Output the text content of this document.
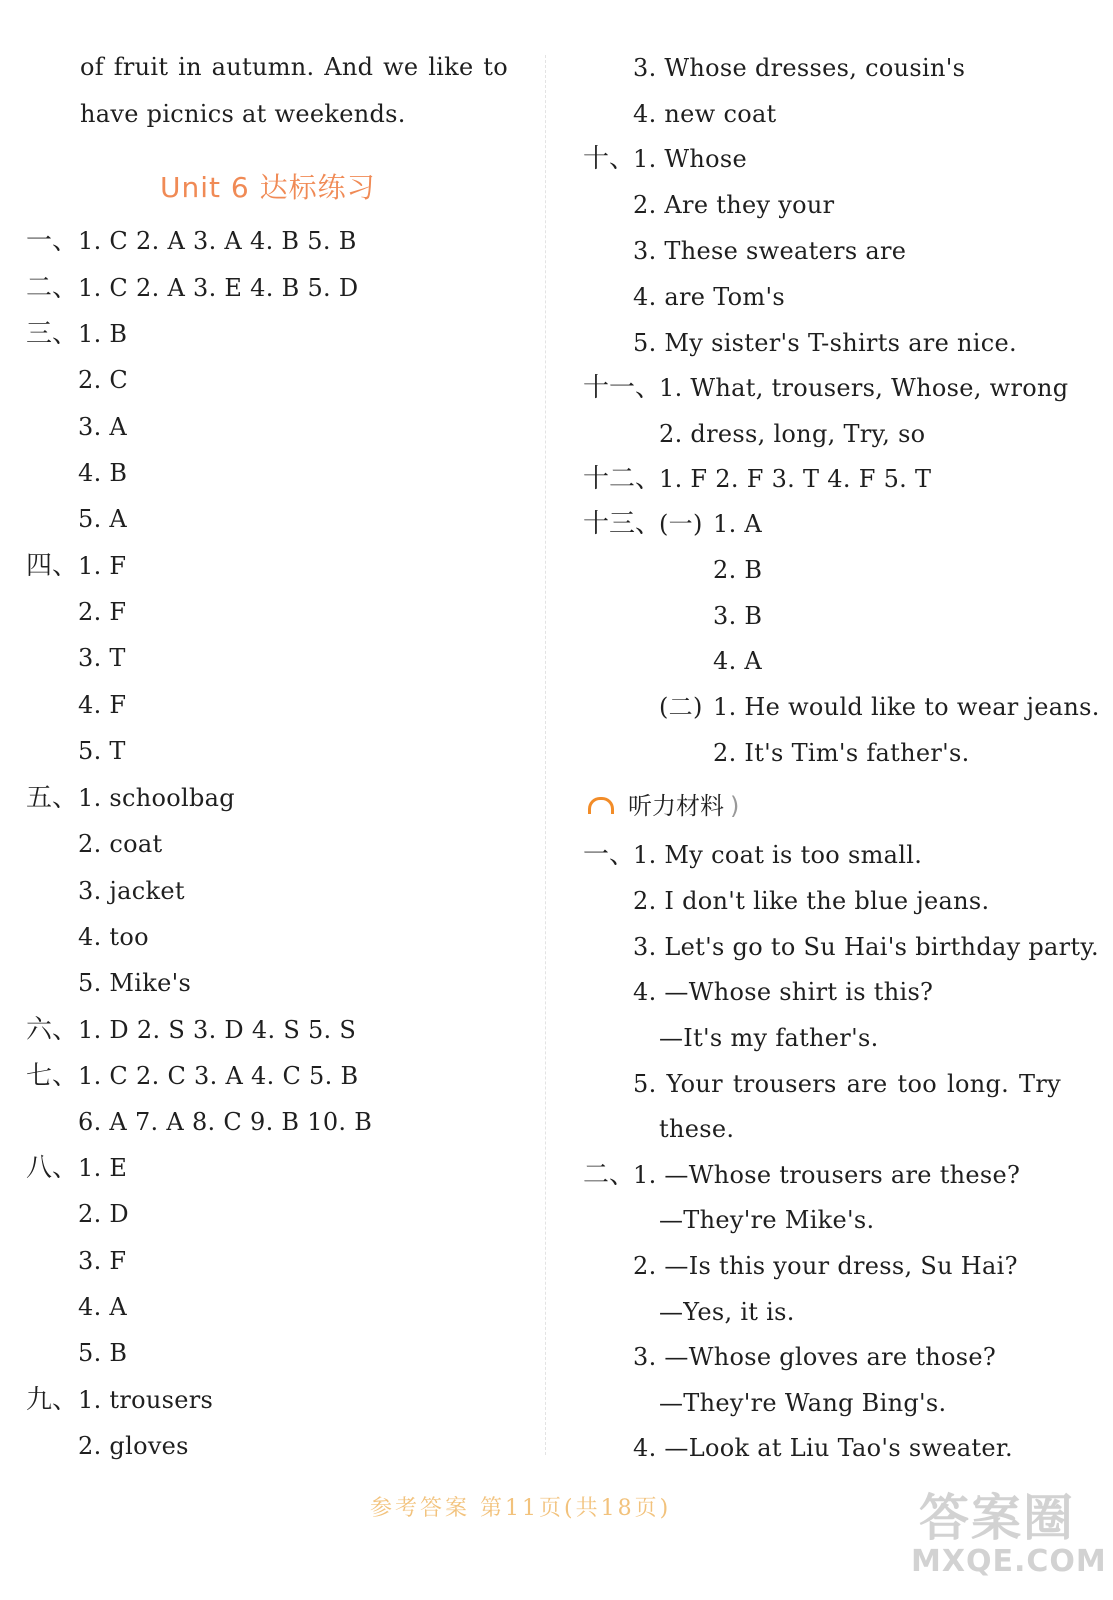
of fruit in autumn. And we like to
have picnics at weekends.
Unit 6 达标练习
一、 1. C 2. A 3. A 4. B 5. B
二、 1. C 2. A 3. E 4. B 5. D
三、 1. B
2. C
3. A
4. B
5. A
四、 1. F
2. F
3. T
4. F
5. T
五、 1. schoolbag
2. coat
3. jacket
4. too
5. Mike's
六、 1. D 2. S 3. D 4. S 5. S
七、 1. C 2. C 3. A 4. C 5. B
6. A 7. A 8. C 9. B 10. B
八、 1. E
2. D
3. F
4. A
5. B
九、 1. trousers
2. gloves
3. Whose dresses, cousin's
4. new coat
十、
1. Whose
2. Are they your
3. These sweaters are
4. are Tom's
5. My sister's T-shirts are nice.
十一、
1. What, trousers, Whose, wrong
2. dress, long, Try, so
十二、
1. F 2. F 3. T 4. F 5. T
十三、
(一) 1. A
2. B
3. B
4. A
(二) 1. He would like to wear jeans.
2. It's Tim's father's.
听力材料 )
一、
1. My coat is too small.
2. I don't like the blue jeans.
3. Let's go to Su Hai's birthday party.
4. —Whose shirt is this?
—It's my father's.
5. Your trousers are too long. Try
these.
二、
1. —Whose trousers are these?
—They're Mike's.
2. —Is this your dress, Su Hai?
—Yes, it is.
3. —Whose gloves are those?
—They're Wang Bing's.
4. —Look at Liu Tao's sweater.
参考答案 第11页(共18页)	答案圈
MXQE.COM
